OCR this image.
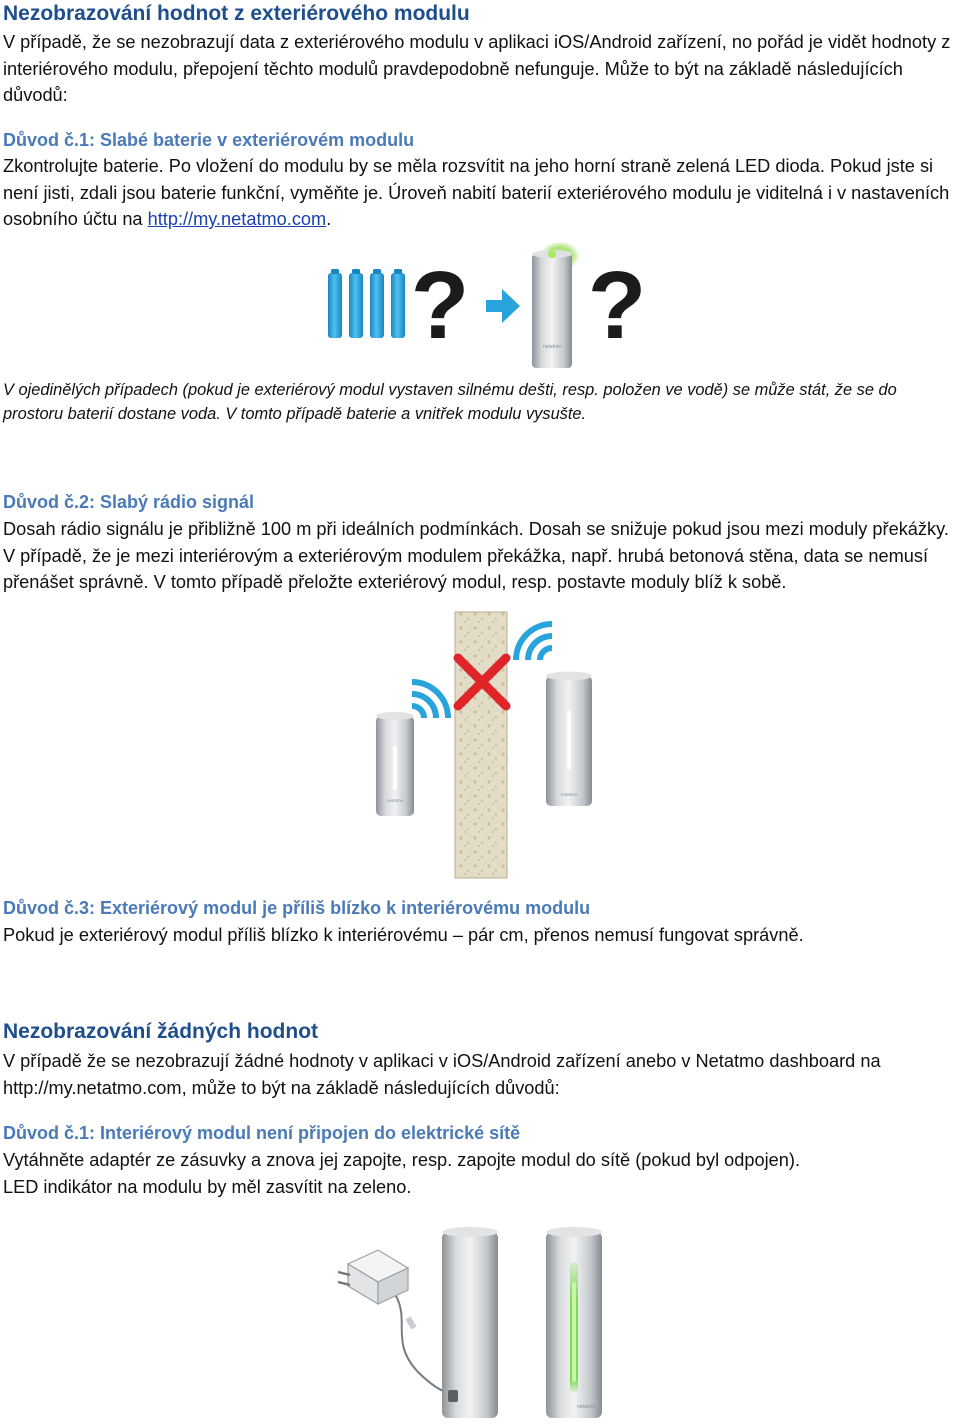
Nezobrazování hodnot z exteriérového modulu

V případě, že se nezobrazují data z exteriérového modulu v aplikaci iOS/Android zařízení, no pořád je vidět hodnoty z interiérového modulu, přepojení těchto modulů pravdepodobně nefunguje. Může to být na základě následujících důvodů:

Důvod č.1: Slabé baterie v exteriérovém modulu

Zkontrolujte baterie. Po vložení do modulu by se měla rozsvítit na jeho horní straně zelená LED dioda. Pokud jste si není jisti, zdali jsou baterie funkční, vyměňte je. Úroveň nabití baterií exteriérového modulu je viditelná i v nastaveních osobního účtu na http://my.netatmo.com.

?	netatmo ?

V ojedinělých případech (pokud je exteriérový modul vystaven silnému dešti, resp. položen ve vodě) se může stát, že se do prostoru baterií dostane voda. V tomto případě baterie a vnitřek modulu vysušte.

Důvod č.2: Slabý rádio signál

Dosah rádio signálu je přibližně 100 m při ideálních podmínkách. Dosah se snižuje pokud jsou mezi moduly překážky. V případě, že je mezi interiérovým a exteriérovým modulem překážka, např. hrubá betonová stěna, data se nemusí přenášet správně. V tomto případě přeložte exteriérový modul, resp. postavte moduly blíž k sobě.

netatmo
netatmo
Důvod č.3: Exteriérový modul je příliš blízko k interiérovému modulu

Pokud je exteriérový modul příliš blízko k interiérovému – pár cm, přenos nemusí fungovat správně.

Nezobrazování žádných hodnot

V případě že se nezobrazují žádné hodnoty v aplikaci v iOS/Android zařízení anebo v Netatmo dashboard na http://my.netatmo.com, může to být na základě následujících důvodů:

Důvod č.1: Interiérový modul není připojen do elektrické sítě

Vytáhněte adaptér ze zásuvky a znova jej zapojte, resp. zapojte modul do sítě (pokud byl odpojen).
LED indikátor na modulu by měl zasvítit na zeleno.

netatmo
